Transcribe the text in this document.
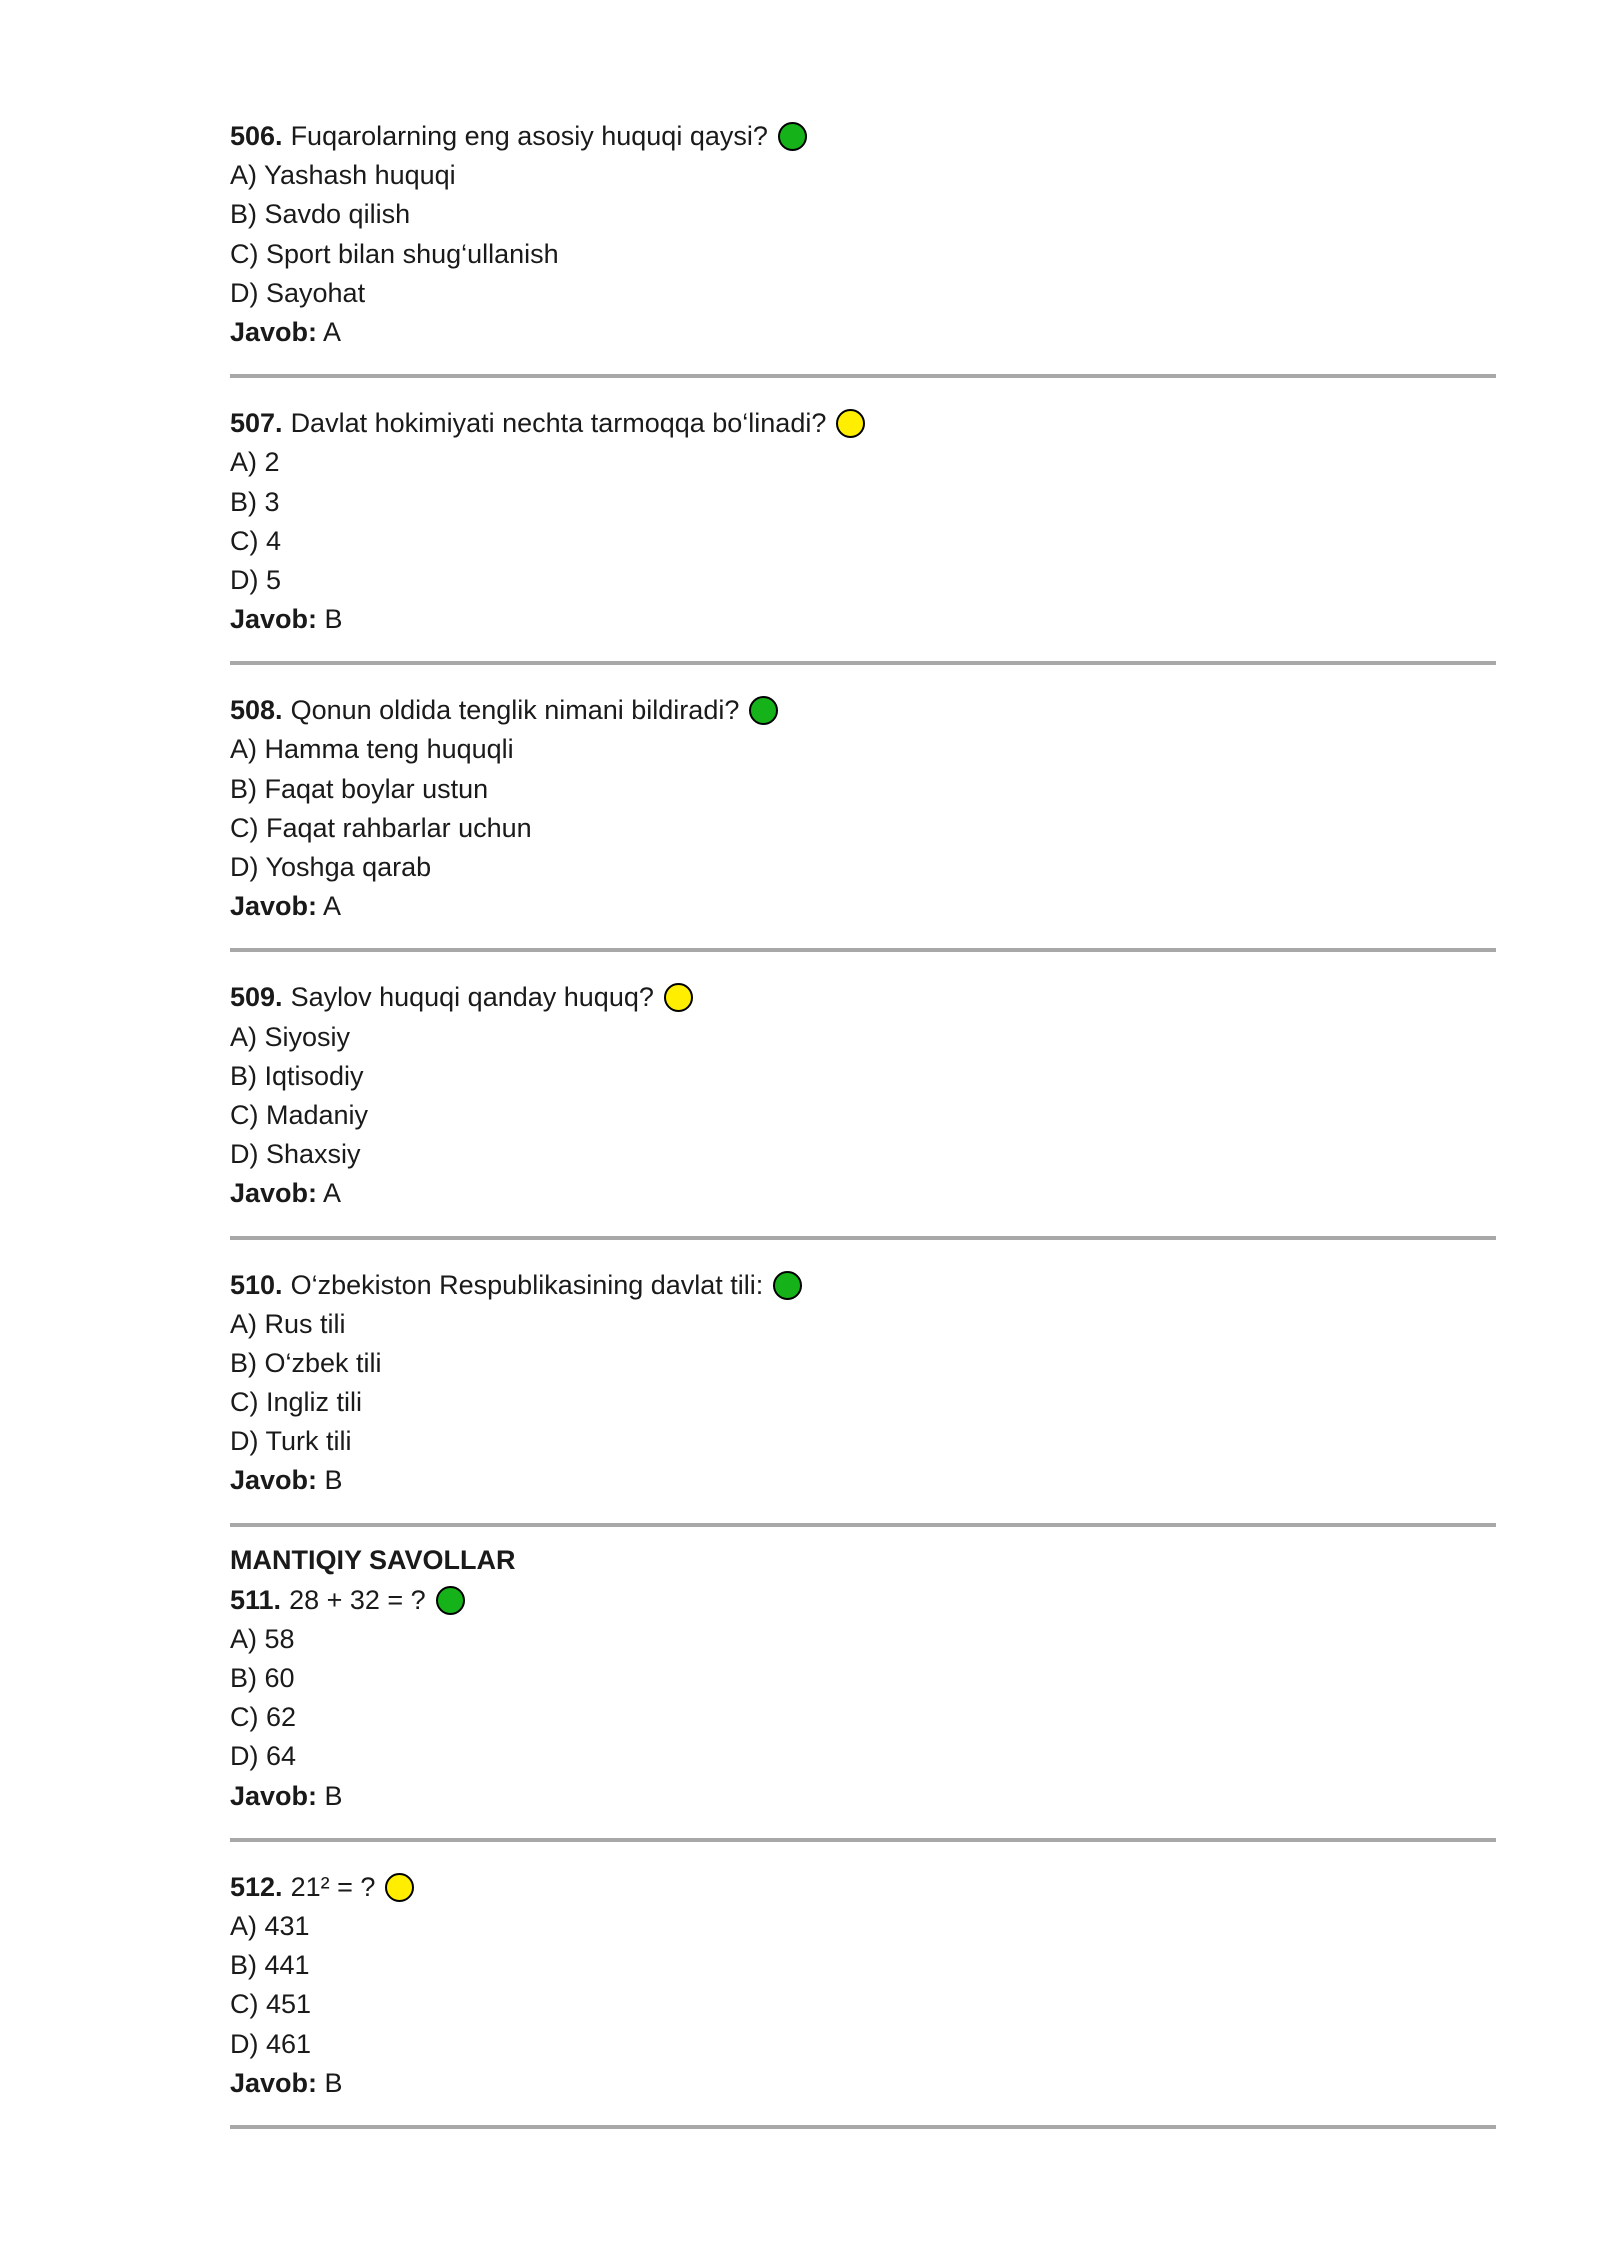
506. Fuqarolarning eng asosiy huquqi qaysi?
A) Yashash huquqi
B) Savdo qilish
C) Sport bilan shug‘ullanish
D) Sayohat
Javob: A
507. Davlat hokimiyati nechta tarmoqqa bo‘linadi?
A) 2
B) 3
C) 4
D) 5
Javob: B
508. Qonun oldida tenglik nimani bildiradi?
A) Hamma teng huquqli
B) Faqat boylar ustun
C) Faqat rahbarlar uchun
D) Yoshga qarab
Javob: A
509. Saylov huquqi qanday huquq?
A) Siyosiy
B) Iqtisodiy
C) Madaniy
D) Shaxsiy
Javob: A
510. O‘zbekiston Respublikasining davlat tili:
A) Rus tili
B) O‘zbek tili
C) Ingliz tili
D) Turk tili
Javob: B
MANTIQIY SAVOLLAR
511. 28 + 32 = ?
A) 58
B) 60
C) 62
D) 64
Javob: B
512. 21² = ?
A) 431
B) 441
C) 451
D) 461
Javob: B
